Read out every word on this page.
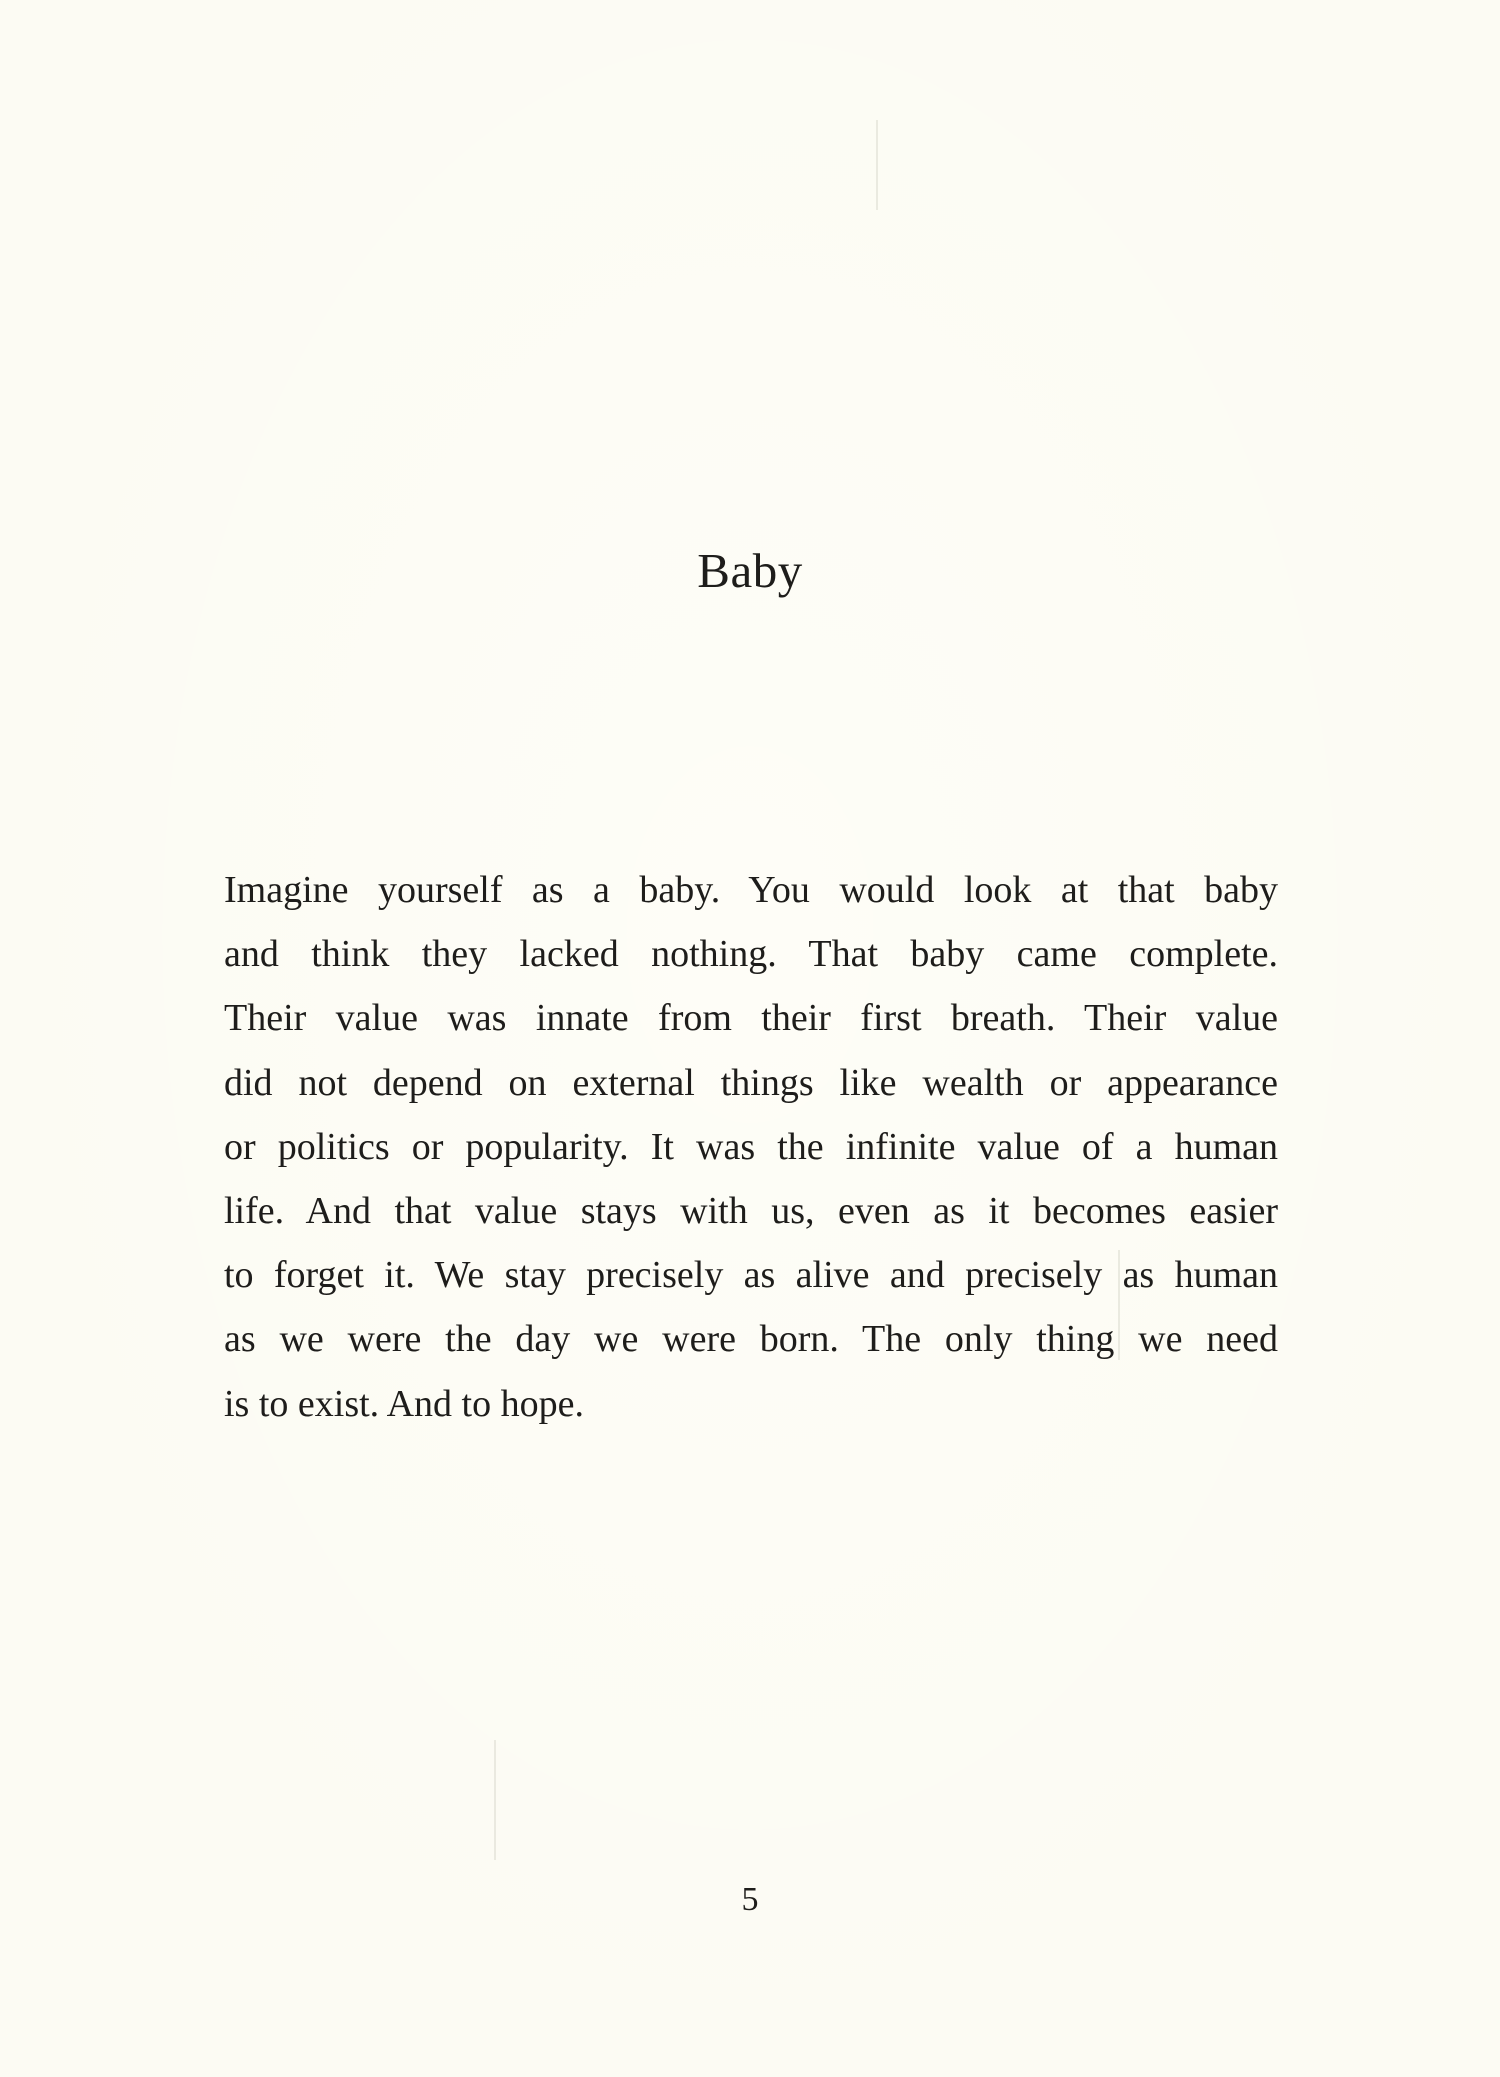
Baby
Imagine yourself as a baby. You would look at that baby
and think they lacked nothing. That baby came complete.
Their value was innate from their first breath. Their value
did not depend on external things like wealth or appearance
or politics or popularity. It was the infinite value of a human
life. And that value stays with us, even as it becomes easier
to forget it. We stay precisely as alive and precisely as human
as we were the day we were born. The only thing we need
is to exist. And to hope.
5
